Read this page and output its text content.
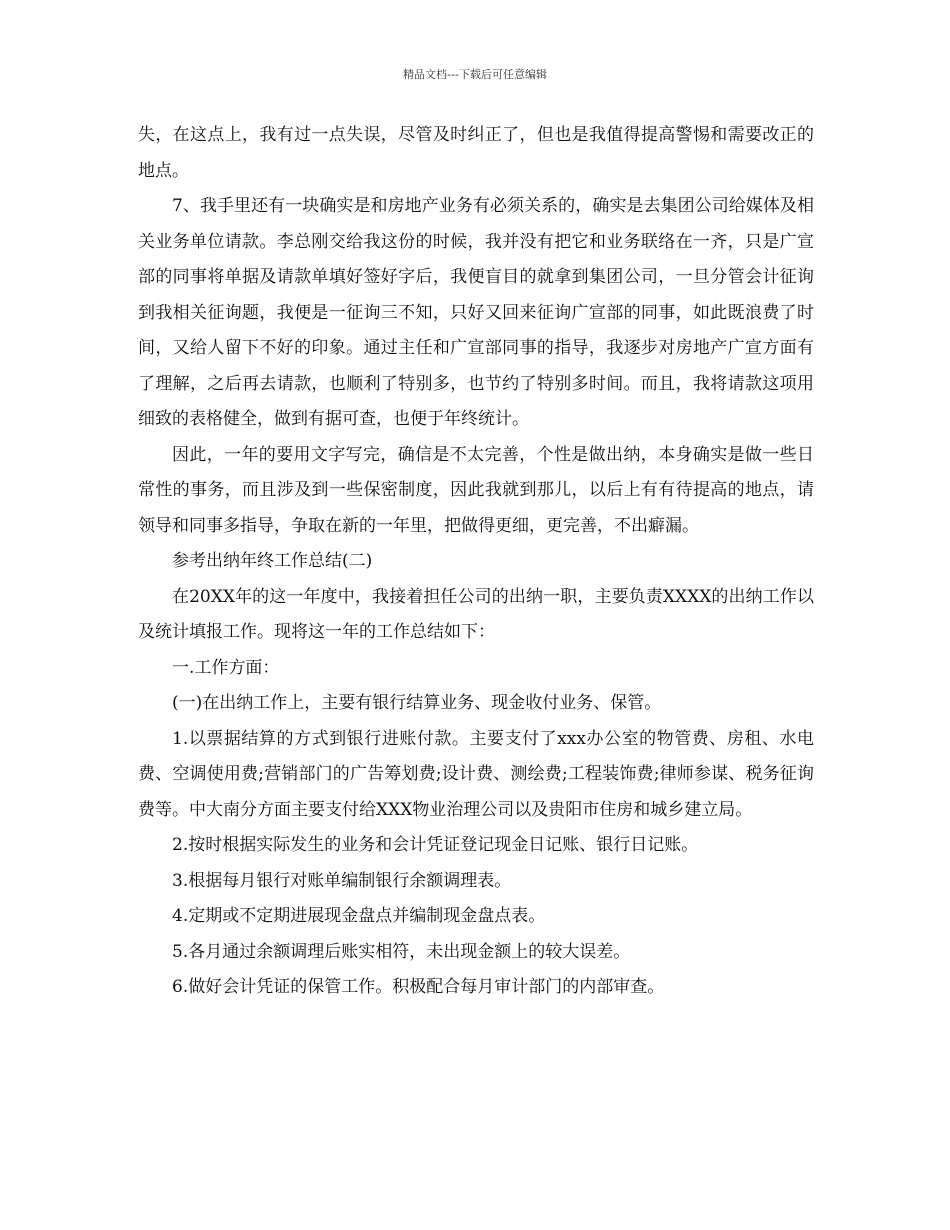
精品文档---下载后可任意编辑

失，在这点上，我有过一点失误，尽管及时纠正了，但也是我值得提高警惕和需要改正的地点。

7、我手里还有一块确实是和房地产业务有必须关系的，确实是去集团公司给媒体及相关业务单位请款。李总刚交给我这份的时候，我并没有把它和业务联络在一齐，只是广宣部的同事将单据及请款单填好签好字后，我便盲目的就拿到集团公司，一旦分管会计征询到我相关征询题，我便是一征询三不知，只好又回来征询广宣部的同事，如此既浪费了时间，又给人留下不好的印象。通过主任和广宣部同事的指导，我逐步对房地产广宣方面有了理解，之后再去请款，也顺利了特别多，也节约了特别多时间。而且，我将请款这项用细致的表格健全，做到有据可查，也便于年终统计。

因此，一年的要用文字写完，确信是不太完善，个性是做出纳，本身确实是做一些日常性的事务，而且涉及到一些保密制度，因此我就到那儿，以后上有有待提高的地点，请领导和同事多指导，争取在新的一年里，把做得更细，更完善，不出癖漏。

参考出纳年终工作总结(二)

在20XX年的这一年度中，我接着担任公司的出纳一职，主要负责XXXX的出纳工作以及统计填报工作。现将这一年的工作总结如下：

一.工作方面：

(一)在出纳工作上，主要有银行结算业务、现金收付业务、保管。

1.以票据结算的方式到银行进账付款。主要支付了xxx办公室的物管费、房租、水电费、空调使用费;营销部门的广告筹划费;设计费、测绘费;工程装饰费;律师参谋、税务征询费等。中大南分方面主要支付给XXX物业治理公司以及贵阳市住房和城乡建立局。

2.按时根据实际发生的业务和会计凭证登记现金日记账、银行日记账。

3.根据每月银行对账单编制银行余额调理表。

4.定期或不定期进展现金盘点并编制现金盘点表。

5.各月通过余额调理后账实相符，未出现金额上的较大误差。

6.做好会计凭证的保管工作。积极配合每月审计部门的内部审查。
